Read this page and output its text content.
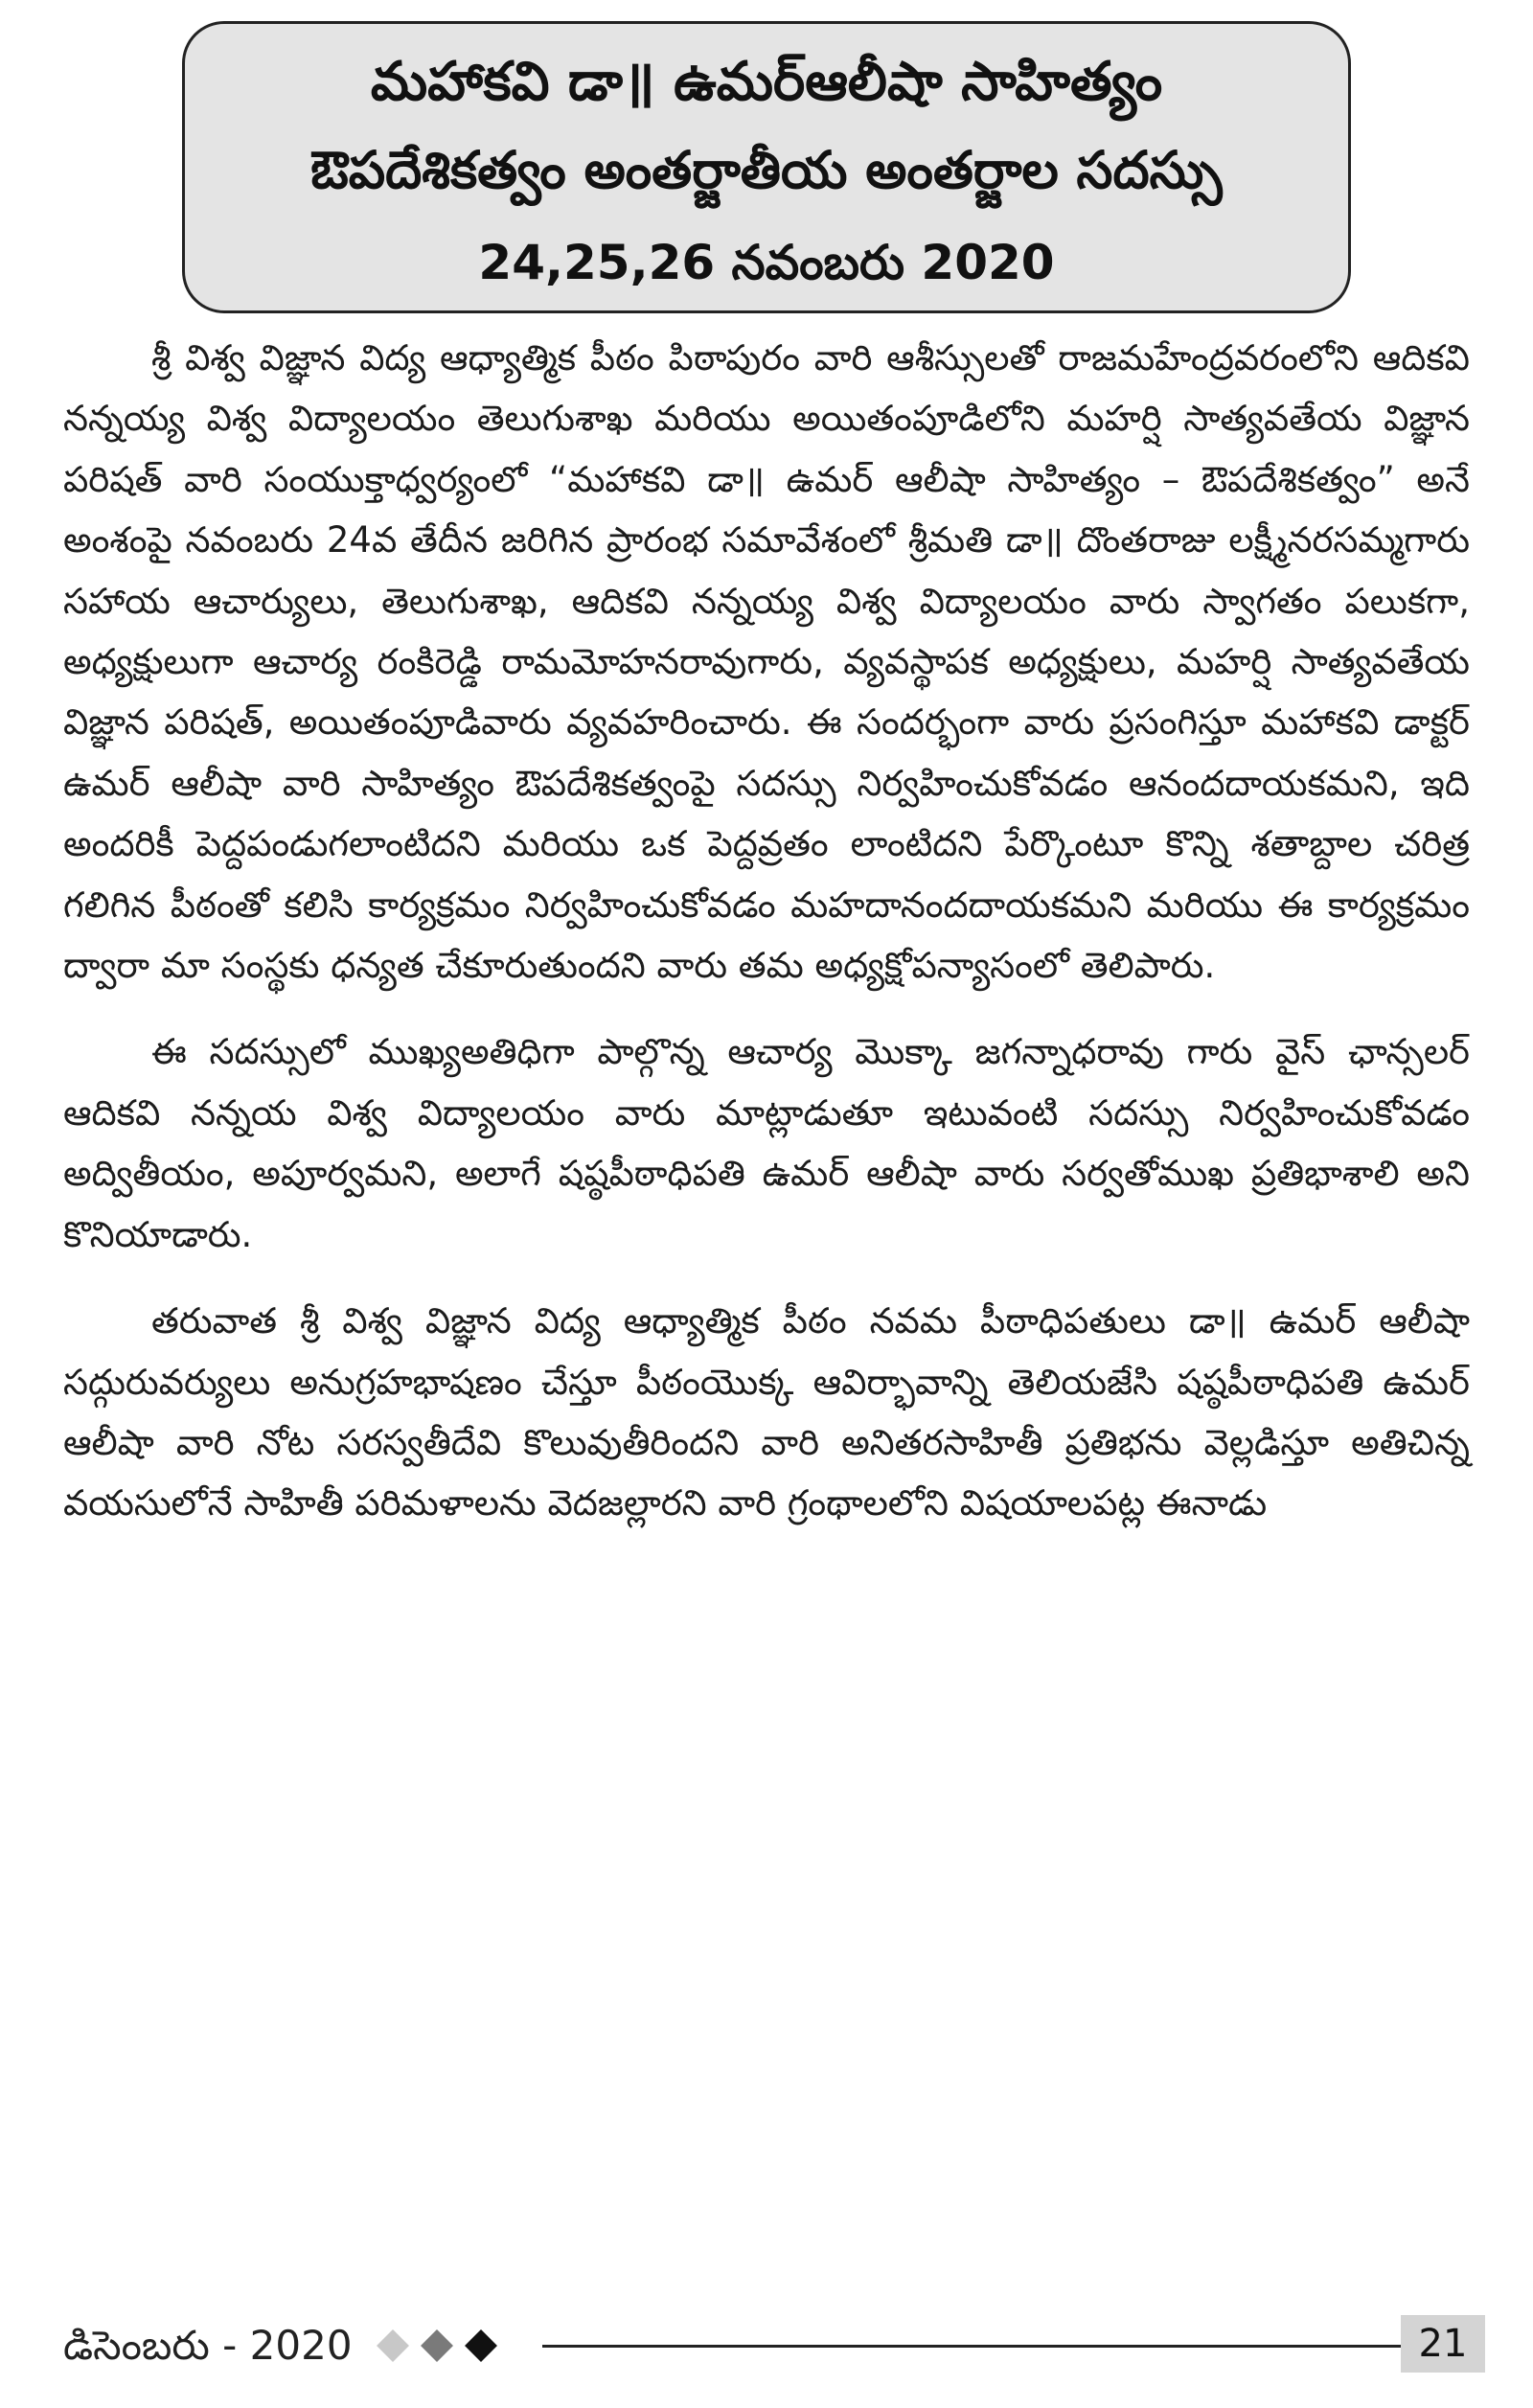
మహాకవి డా॥ ఉమర్‌ఆలీషా సాహిత్యం
ఔపదేశికత్వం అంతర్జాతీయ అంతర్జాల సదస్సు
24,25,26 నవంబరు 2020

శ్రీ విశ్వ విజ్ఞాన విద్య ఆధ్యాత్మిక పీఠం పిఠాపురం వారి ఆశీస్సులతో రాజమహేంద్రవరంలోని ఆదికవి నన్నయ్య విశ్వ విద్యాలయం తెలుగుశాఖ మరియు అయితంపూడిలోని మహర్షి సాత్యవతేయ విజ్ఞాన పరిషత్ వారి సంయుక్తాధ్వర్యంలో “మహాకవి డా॥ ఉమర్ ఆలీషా సాహిత్యం – ఔపదేశికత్వం” అనే అంశంపై నవంబరు 24వ తేదీన జరిగిన ప్రారంభ సమావేశంలో శ్రీమతి డా॥ దొంతరాజు లక్ష్మీనరసమ్మగారు సహాయ ఆచార్యులు, తెలుగుశాఖ, ఆదికవి నన్నయ్య విశ్వ విద్యాలయం వారు స్వాగతం పలుకగా, అధ్యక్షులుగా ఆచార్య రంకిరెడ్డి రామమోహనరావుగారు, వ్యవస్థాపక అధ్యక్షులు, మహర్షి సాత్యవతేయ విజ్ఞాన పరిషత్, అయితంపూడివారు వ్యవహరించారు. ఈ సందర్భంగా వారు ప్రసంగిస్తూ మహాకవి డాక్టర్ ఉమర్ ఆలీషా వారి సాహిత్యం ఔపదేశికత్వంపై సదస్సు నిర్వహించుకోవడం ఆనందదాయకమని, ఇది అందరికీ పెద్దపండుగలాంటిదని మరియు ఒక పెద్దవ్రతం లాంటిదని పేర్కొంటూ కొన్ని శతాబ్దాల చరిత్ర గలిగిన పీఠంతో కలిసి కార్యక్రమం నిర్వహించుకోవడం మహదానందదాయకమని మరియు ఈ కార్యక్రమం ద్వారా మా సంస్థకు ధన్యత చేకూరుతుందని వారు తమ అధ్యక్షోపన్యాసంలో తెలిపారు.

ఈ సదస్సులో ముఖ్యఅతిధిగా పాల్గొన్న ఆచార్య మొక్కా జగన్నాధరావు గారు వైస్ ఛాన్సలర్ ఆదికవి నన్నయ విశ్వ విద్యాలయం వారు మాట్లాడుతూ ఇటువంటి సదస్సు నిర్వహించుకోవడం అద్వితీయం, అపూర్వమని, అలాగే షష్ఠపీఠాధిపతి ఉమర్ ఆలీషా వారు సర్వతోముఖ ప్రతిభాశాలి అని కొనియాడారు.

తరువాత శ్రీ విశ్వ విజ్ఞాన విద్య ఆధ్యాత్మిక పీఠం నవమ పీఠాధిపతులు డా॥ ఉమర్ ఆలీషా సద్గురువర్యులు అనుగ్రహభాషణం చేస్తూ పీఠంయొక్క ఆవిర్భావాన్ని తెలియజేసి షష్ఠపీఠాధిపతి ఉమర్ ఆలీషా వారి నోట సరస్వతీదేవి కొలువుతీరిందని వారి అనితరసాహితీ ప్రతిభను వెల్లడిస్తూ అతిచిన్న వయసులోనే సాహితీ పరిమళాలను వెదజల్లారని వారి గ్రంథాలలోని విషయాలపట్ల ఈనాడు

డిసెంబరు - 2020	21
